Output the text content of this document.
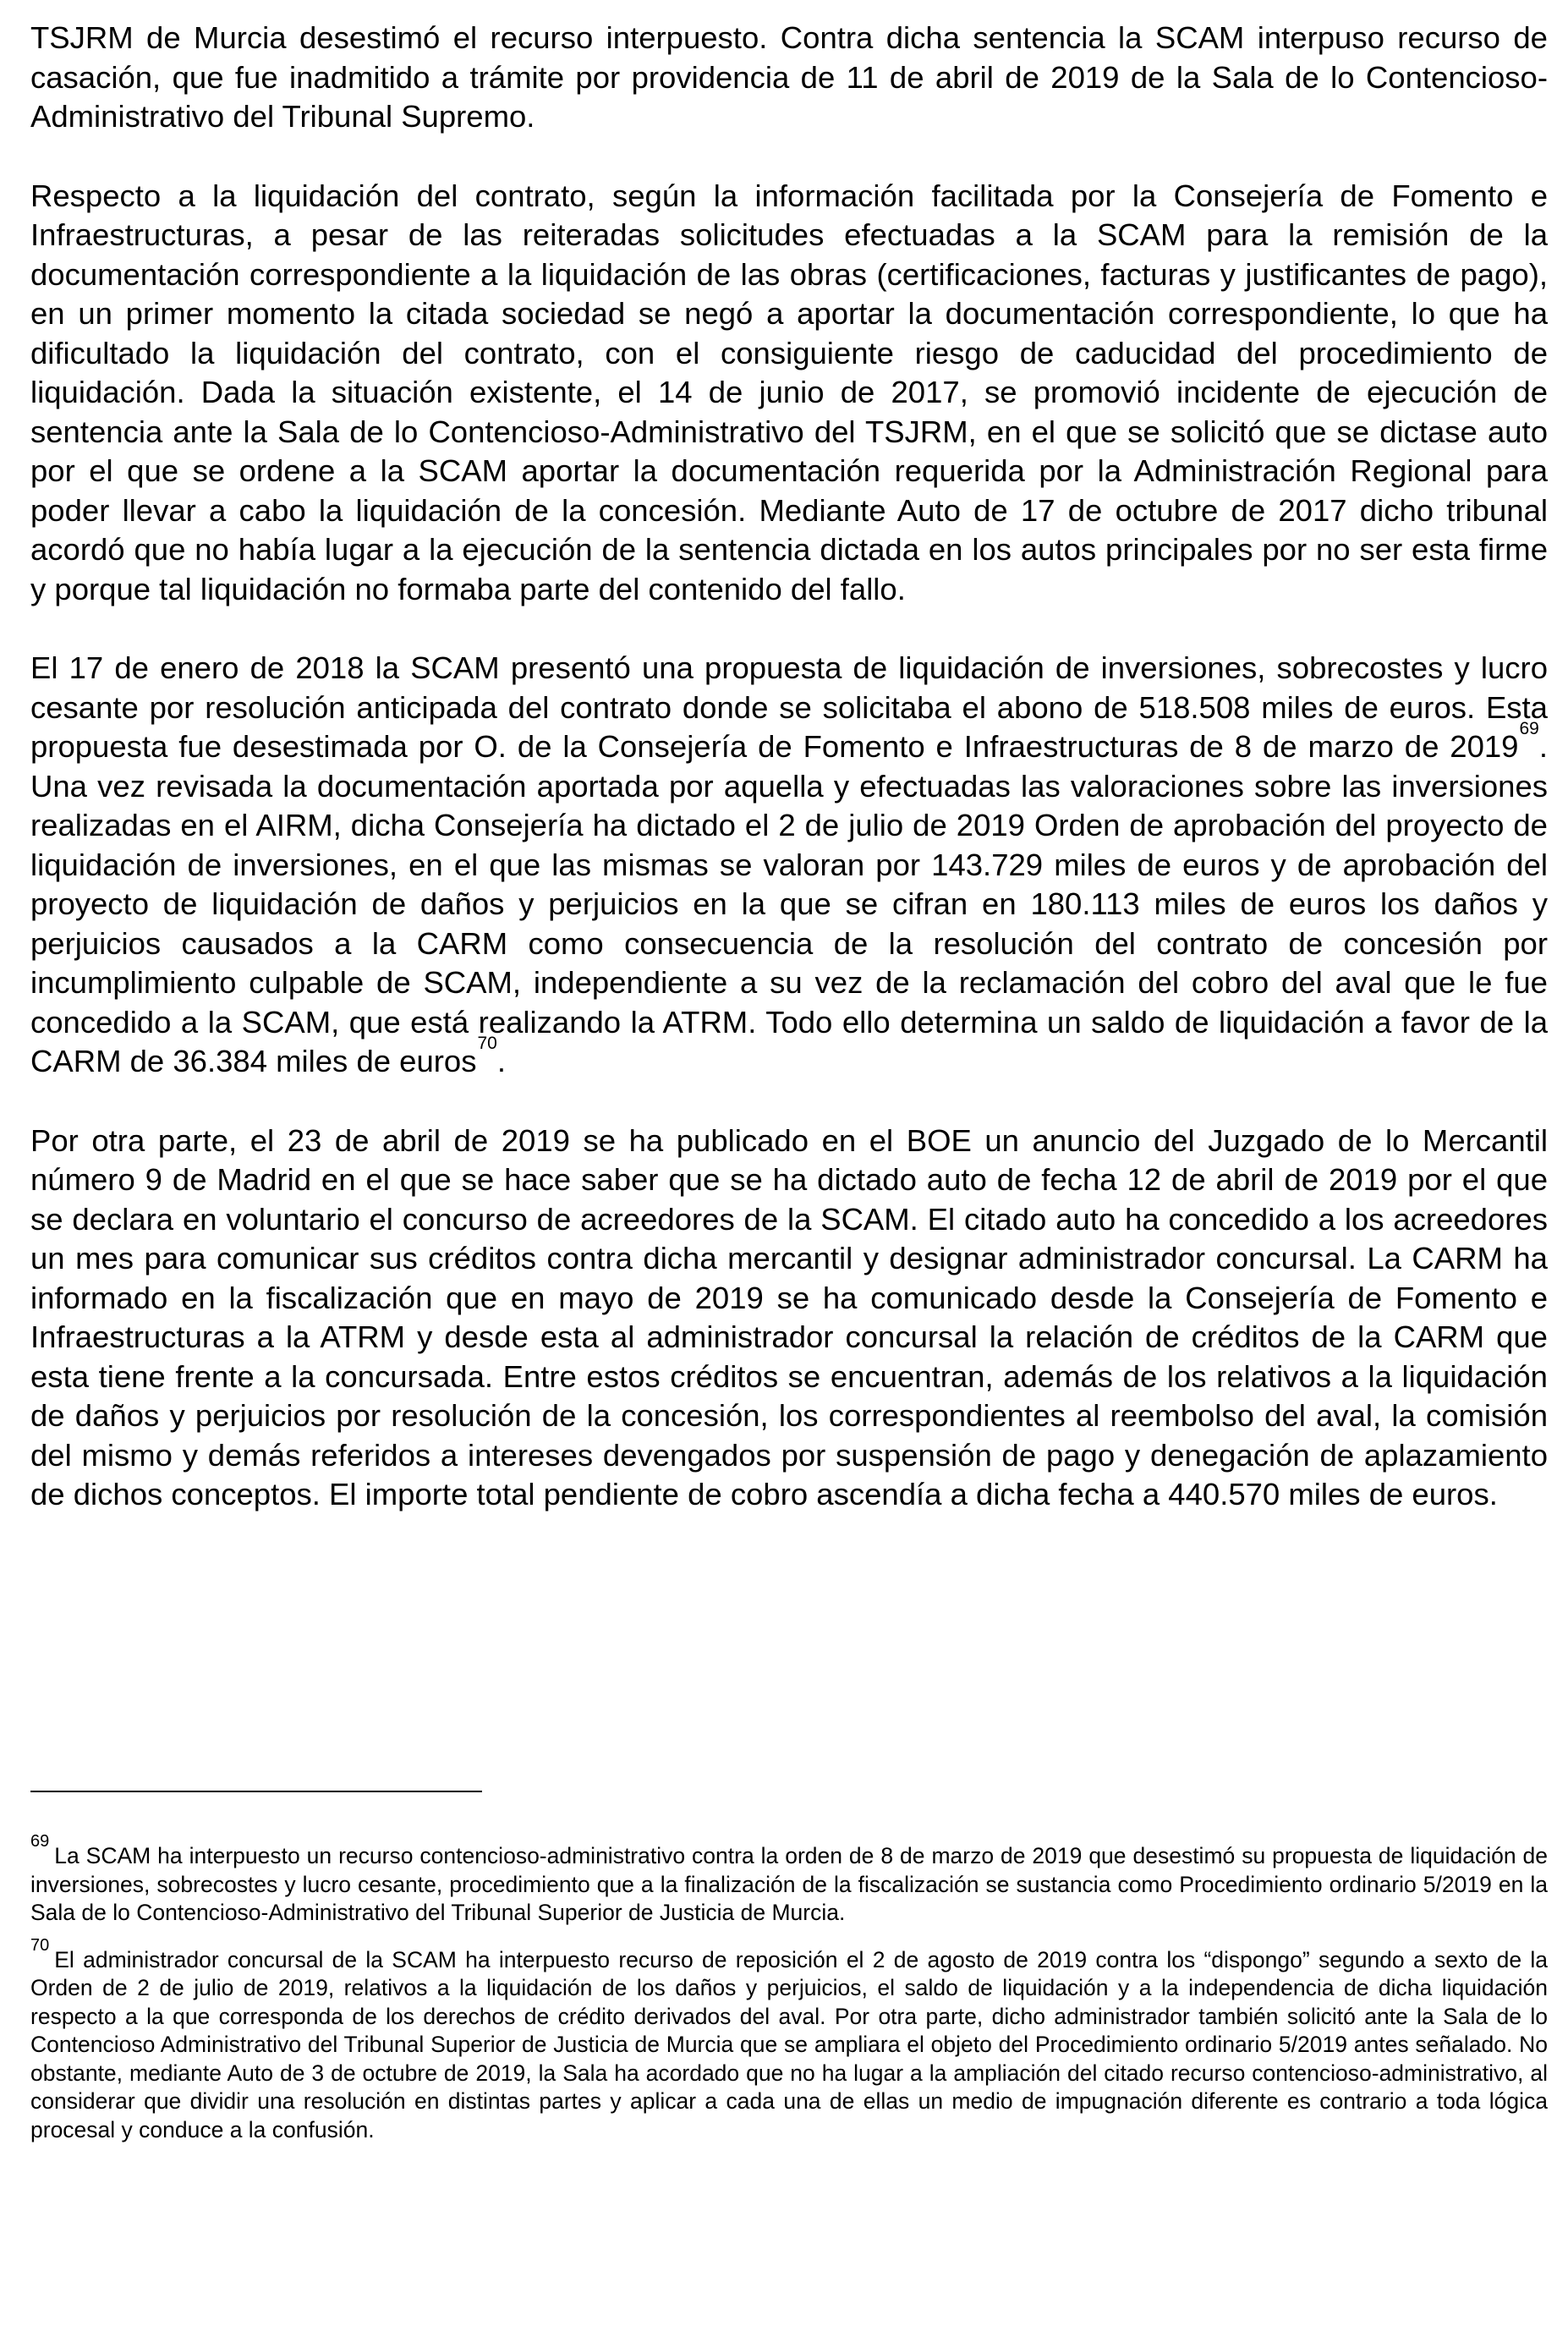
TSJRM de Murcia desestimó el recurso interpuesto. Contra dicha sentencia la SCAM interpuso recurso de casación, que fue inadmitido a trámite por providencia de 11 de abril de 2019 de la Sala de lo Contencioso-Administrativo del Tribunal Supremo.

Respecto a la liquidación del contrato, según la información facilitada por la Consejería de Fomento e Infraestructuras, a pesar de las reiteradas solicitudes efectuadas a la SCAM para la remisión de la documentación correspondiente a la liquidación de las obras (certificaciones, facturas y justificantes de pago), en un primer momento la citada sociedad se negó a aportar la documentación correspondiente, lo que ha dificultado la liquidación del contrato, con el consiguiente riesgo de caducidad del procedimiento de liquidación. Dada la situación existente, el 14 de junio de 2017, se promovió incidente de ejecución de sentencia ante la Sala de lo Contencioso-Administrativo del TSJRM, en el que se solicitó que se dictase auto por el que se ordene a la SCAM aportar la documentación requerida por la Administración Regional para poder llevar a cabo la liquidación de la concesión. Mediante Auto de 17 de octubre de 2017 dicho tribunal acordó que no había lugar a la ejecución de la sentencia dictada en los autos principales por no ser esta firme y porque tal liquidación no formaba parte del contenido del fallo.

El 17 de enero de 2018 la SCAM presentó una propuesta de liquidación de inversiones, sobrecostes y lucro cesante por resolución anticipada del contrato donde se solicitaba el abono de 518.508 miles de euros. Esta propuesta fue desestimada por O. de la Consejería de Fomento e Infraestructuras de 8 de marzo de 2019$^{69}$. Una vez revisada la documentación aportada por aquella y efectuadas las valoraciones sobre las inversiones realizadas en el AIRM, dicha Consejería ha dictado el 2 de julio de 2019 Orden de aprobación del proyecto de liquidación de inversiones, en el que las mismas se valoran por 143.729 miles de euros y de aprobación del proyecto de liquidación de daños y perjuicios en la que se cifran en 180.113 miles de euros los daños y perjuicios causados a la CARM como consecuencia de la resolución del contrato de concesión por incumplimiento culpable de SCAM, independiente a su vez de la reclamación del cobro del aval que le fue concedido a la SCAM, que está realizando la ATRM. Todo ello determina un saldo de liquidación a favor de la CARM de 36.384 miles de euros$^{70}$.

Por otra parte, el 23 de abril de 2019 se ha publicado en el BOE un anuncio del Juzgado de lo Mercantil número 9 de Madrid en el que se hace saber que se ha dictado auto de fecha 12 de abril de 2019 por el que se declara en voluntario el concurso de acreedores de la SCAM. El citado auto ha concedido a los acreedores un mes para comunicar sus créditos contra dicha mercantil y designar administrador concursal. La CARM ha informado en la fiscalización que en mayo de 2019 se ha comunicado desde la Consejería de Fomento e Infraestructuras a la ATRM y desde esta al administrador concursal la relación de créditos de la CARM que esta tiene frente a la concursada. Entre estos créditos se encuentran, además de los relativos a la liquidación de daños y perjuicios por resolución de la concesión, los correspondientes al reembolso del aval, la comisión del mismo y demás referidos a intereses devengados por suspensión de pago y denegación de aplazamiento de dichos conceptos. El importe total pendiente de cobro ascendía a dicha fecha a 440.570 miles de euros.

$^{69}$La SCAM ha interpuesto un recurso contencioso-administrativo contra la orden de 8 de marzo de 2019 que desestimó su propuesta de liquidación de inversiones, sobrecostes y lucro cesante, procedimiento que a la finalización de la fiscalización se sustancia como Procedimiento ordinario 5/2019 en la Sala de lo Contencioso-Administrativo del Tribunal Superior de Justicia de Murcia.

$^{70}$El administrador concursal de la SCAM ha interpuesto recurso de reposición el 2 de agosto de 2019 contra los “dispongo” segundo a sexto de la Orden de 2 de julio de 2019, relativos a la liquidación de los daños y perjuicios, el saldo de liquidación y a la independencia de dicha liquidación respecto a la que corresponda de los derechos de crédito derivados del aval. Por otra parte, dicho administrador también solicitó ante la Sala de lo Contencioso Administrativo del Tribunal Superior de Justicia de Murcia que se ampliara el objeto del Procedimiento ordinario 5/2019 antes señalado. No obstante, mediante Auto de 3 de octubre de 2019, la Sala ha acordado que no ha lugar a la ampliación del citado recurso contencioso-administrativo, al considerar que dividir una resolución en distintas partes y aplicar a cada una de ellas un medio de impugnación diferente es contrario a toda lógica procesal y conduce a la confusión.
